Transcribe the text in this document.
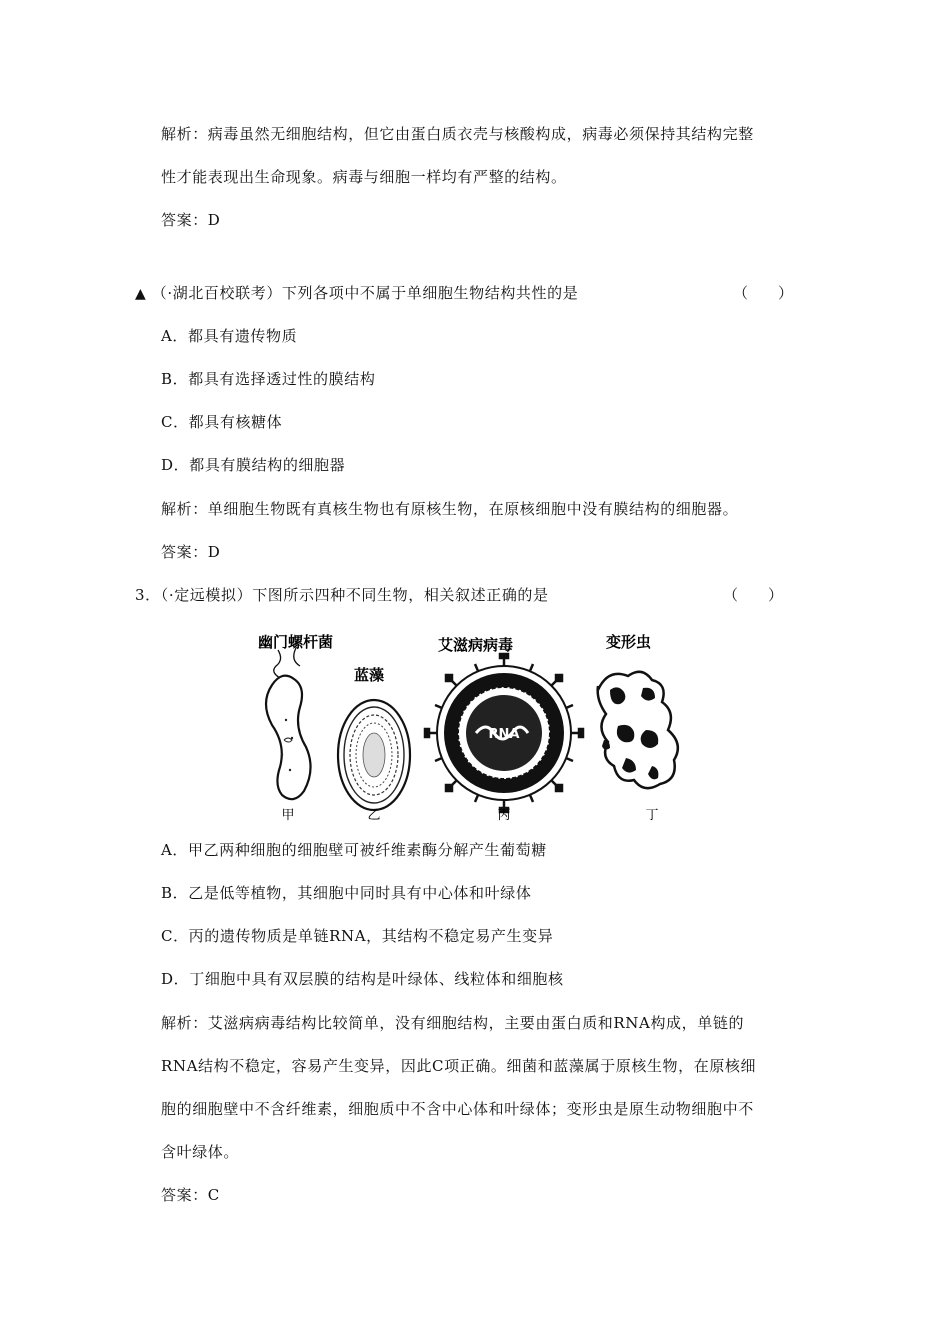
解析：病毒虽然无细胞结构，但它由蛋白质衣壳与核酸构成，病毒必须保持其结构完整
性才能表现出生命现象。病毒与细胞一样均有严整的结构。
答案：D
▲ （·湖北百校联考）下列各项中不属于单细胞生物结构共性的是	（　　）
A．都具有遗传物质
B．都具有选择透过性的膜结构
C．都具有核糖体
D．都具有膜结构的细胞器
解析：单细胞生物既有真核生物也有原核生物，在原核细胞中没有膜结构的细胞器。
答案：D
3．（·定远模拟）下图所示四种不同生物，相关叙述正确的是	（　　）
幽门螺杆菌
蓝藻
艾滋病病毒	变形虫
RNA
甲	乙	丙	丁
A．甲乙两种细胞的细胞壁可被纤维素酶分解产生葡萄糖
B．乙是低等植物，其细胞中同时具有中心体和叶绿体
C．丙的遗传物质是单链RNA，其结构不稳定易产生变异
D．丁细胞中具有双层膜的结构是叶绿体、线粒体和细胞核
解析：艾滋病病毒结构比较简单，没有细胞结构，主要由蛋白质和RNA构成，单链的
RNA结构不稳定，容易产生变异，因此C项正确。细菌和蓝藻属于原核生物，在原核细
胞的细胞壁中不含纤维素，细胞质中不含中心体和叶绿体；变形虫是原生动物细胞中不
含叶绿体。
答案：C
